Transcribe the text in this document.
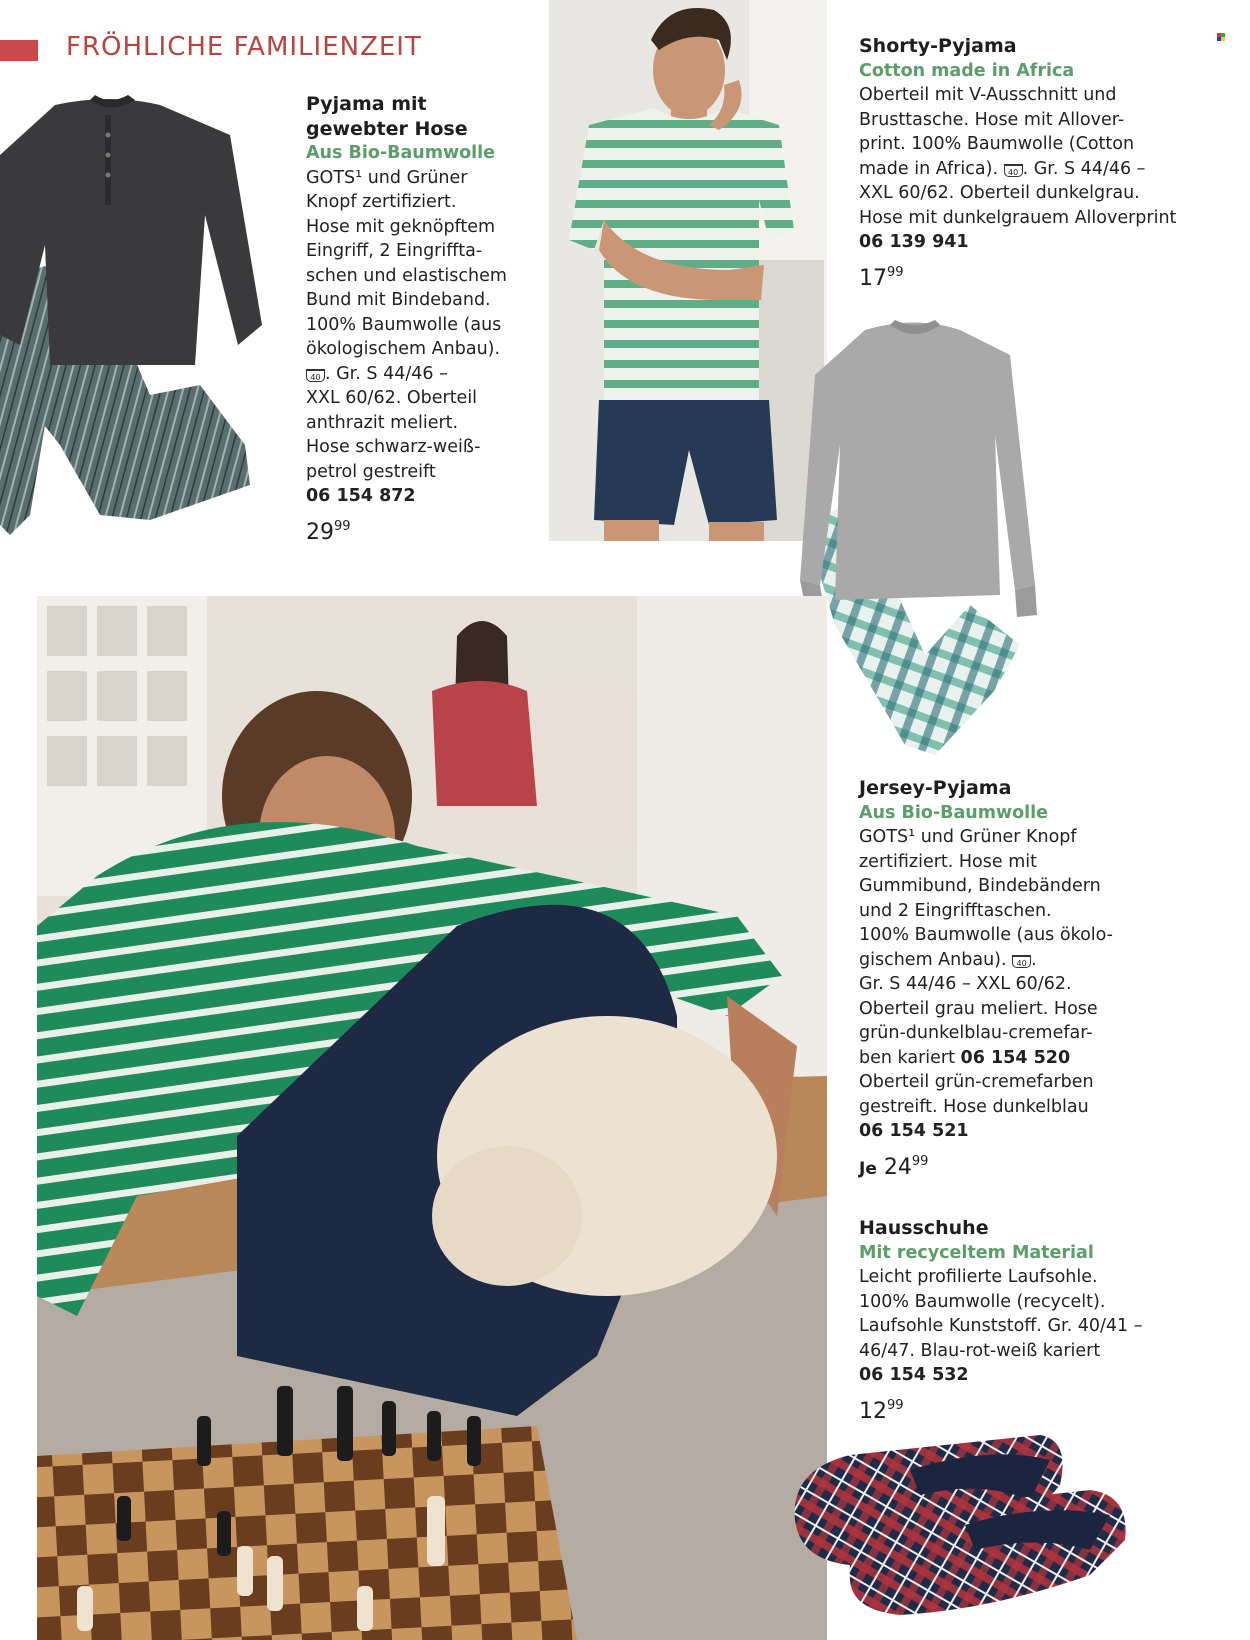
FRÖHLICHE FAMILIENZEIT
Pyjama mit
gewebter Hose
Aus Bio-Baumwolle
GOTS¹ und Grüner
Knopf zertifiziert.
Hose mit geknöpftem
Eingriff, 2 Eingriffta-
schen und elastischem
Bund mit Bindeband.
100% Baumwolle (aus
ökologischem Anbau).
40 . Gr. S 44/46 –
XXL 60/62. Oberteil
anthrazit meliert.
Hose schwarz-weiß-
petrol gestreift
06 154 872
$29^{99}$
Shorty-Pyjama
Cotton made in Africa
Oberteil mit V-Ausschnitt und
Brusttasche. Hose mit Allover-
print. 100% Baumwolle (Cotton
made in Africa). 40 . Gr. S 44/46 –
XXL 60/62. Oberteil dunkelgrau.
Hose mit dunkelgrauem Alloverprint
06 139 941
$17^{99}$
Jersey-Pyjama
Aus Bio-Baumwolle
GOTS¹ und Grüner Knopf
zertifiziert. Hose mit
Gummibund, Bindebändern
und 2 Eingrifftaschen.
100% Baumwolle (aus ökolo-
gischem Anbau). 40 .
Gr. S 44/46 – XXL 60/62.
Oberteil grau meliert. Hose
grün-dunkelblau-cremefar-
ben kariert 06 154 520
Oberteil grün-cremefarben
gestreift. Hose dunkelblau
06 154 521
Je $24^{99}$
Hausschuhe
Mit recyceltem Material
Leicht profilierte Laufsohle.
100% Baumwolle (recycelt).
Laufsohle Kunststoff. Gr. 40/41 –
46/47. Blau-rot-weiß kariert
06 154 532
$12^{99}$
